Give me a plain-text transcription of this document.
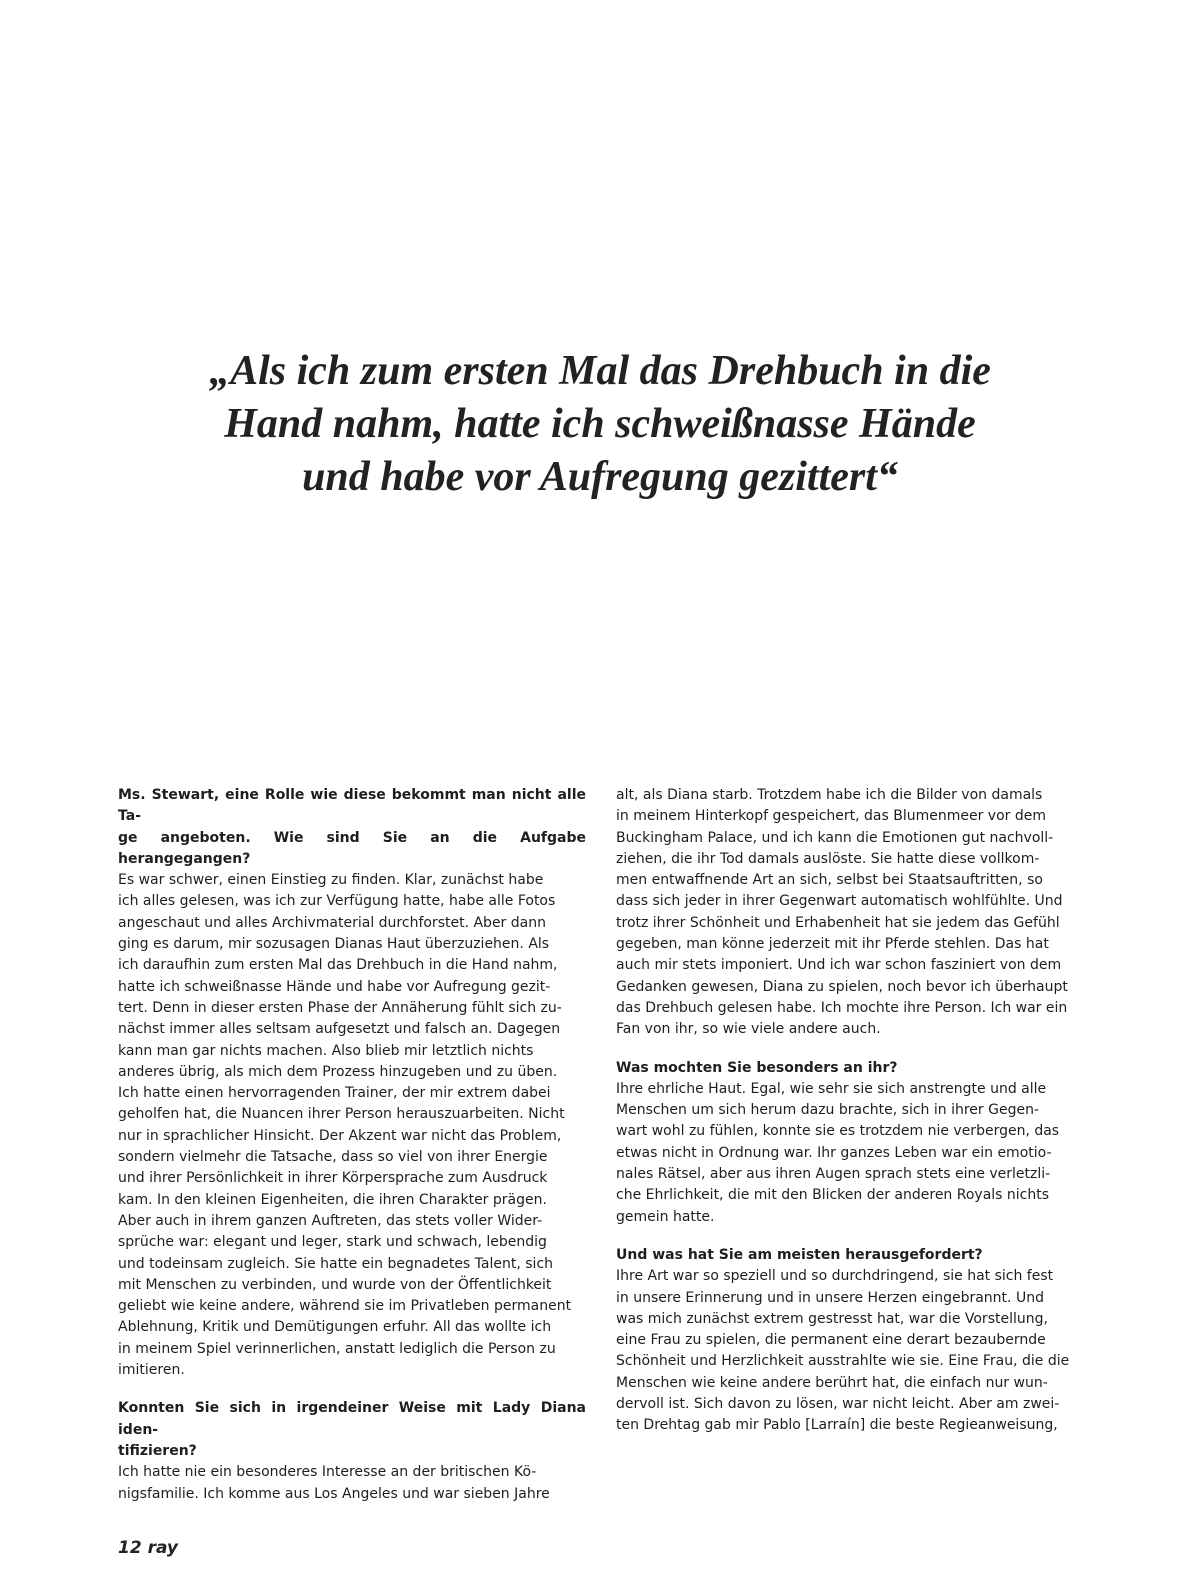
„Als ich zum ersten Mal das Drehbuch in die
Hand nahm, hatte ich schweißnasse Hände
und habe vor Aufregung gezittert“

Ms. Stewart, eine Rolle wie diese bekommt man nicht alle Ta-
ge angeboten. Wie sind Sie an die Aufgabe herangegangen?

Es war schwer, einen Einstieg zu finden. Klar, zunächst habe
ich alles gelesen, was ich zur Verfügung hatte, habe alle Fotos
angeschaut und alles Archivmaterial durchforstet. Aber dann
ging es darum, mir sozusagen Dianas Haut überzuziehen. Als
ich daraufhin zum ersten Mal das Drehbuch in die Hand nahm,
hatte ich schweißnasse Hände und habe vor Aufregung gezit-
tert. Denn in dieser ersten Phase der Annäherung fühlt sich zu-
nächst immer alles seltsam aufgesetzt und falsch an. Dagegen
kann man gar nichts machen. Also blieb mir letztlich nichts
anderes übrig, als mich dem Prozess hinzugeben und zu üben.
Ich hatte einen hervorragenden Trainer, der mir extrem dabei
geholfen hat, die Nuancen ihrer Person herauszuarbeiten. Nicht
nur in sprachlicher Hinsicht. Der Akzent war nicht das Problem,
sondern vielmehr die Tatsache, dass so viel von ihrer Energie
und ihrer Persönlichkeit in ihrer Körpersprache zum Ausdruck
kam. In den kleinen Eigenheiten, die ihren Charakter prägen.
Aber auch in ihrem ganzen Auftreten, das stets voller Wider-
sprüche war: elegant und leger, stark und schwach, lebendig
und todeinsam zugleich. Sie hatte ein begnadetes Talent, sich
mit Menschen zu verbinden, und wurde von der Öffentlichkeit
geliebt wie keine andere, während sie im Privatleben permanent
Ablehnung, Kritik und Demütigungen erfuhr. All das wollte ich
in meinem Spiel verinnerlichen, anstatt lediglich die Person zu
imitieren.

Konnten Sie sich in irgendeiner Weise mit Lady Diana iden-
tifizieren?

Ich hatte nie ein besonderes Interesse an der britischen Kö-
nigsfamilie. Ich komme aus Los Angeles und war sieben Jahre

alt, als Diana starb. Trotzdem habe ich die Bilder von damals
in meinem Hinterkopf gespeichert, das Blumenmeer vor dem
Buckingham Palace, und ich kann die Emotionen gut nachvoll-
ziehen, die ihr Tod damals auslöste. Sie hatte diese vollkom-
men entwaffnende Art an sich, selbst bei Staatsauftritten, so
dass sich jeder in ihrer Gegenwart automatisch wohlfühlte. Und
trotz ihrer Schönheit und Erhabenheit hat sie jedem das Gefühl
gegeben, man könne jederzeit mit ihr Pferde stehlen. Das hat
auch mir stets imponiert. Und ich war schon fasziniert von dem
Gedanken gewesen, Diana zu spielen, noch bevor ich überhaupt
das Drehbuch gelesen habe. Ich mochte ihre Person. Ich war ein
Fan von ihr, so wie viele andere auch.

Was mochten Sie besonders an ihr?

Ihre ehrliche Haut. Egal, wie sehr sie sich anstrengte und alle
Menschen um sich herum dazu brachte, sich in ihrer Gegen-
wart wohl zu fühlen, konnte sie es trotzdem nie verbergen, das
etwas nicht in Ordnung war. Ihr ganzes Leben war ein emotio-
nales Rätsel, aber aus ihren Augen sprach stets eine verletzli-
che Ehrlichkeit, die mit den Blicken der anderen Royals nichts
gemein hatte.

Und was hat Sie am meisten herausgefordert?

Ihre Art war so speziell und so durchdringend, sie hat sich fest
in unsere Erinnerung und in unsere Herzen eingebrannt. Und
was mich zunächst extrem gestresst hat, war die Vorstellung,
eine Frau zu spielen, die permanent eine derart bezaubernde
Schönheit und Herzlichkeit ausstrahlte wie sie. Eine Frau, die die
Menschen wie keine andere berührt hat, die einfach nur wun-
dervoll ist. Sich davon zu lösen, war nicht leicht. Aber am zwei-
ten Drehtag gab mir Pablo [Larraín] die beste Regieanweisung,

12 ray
